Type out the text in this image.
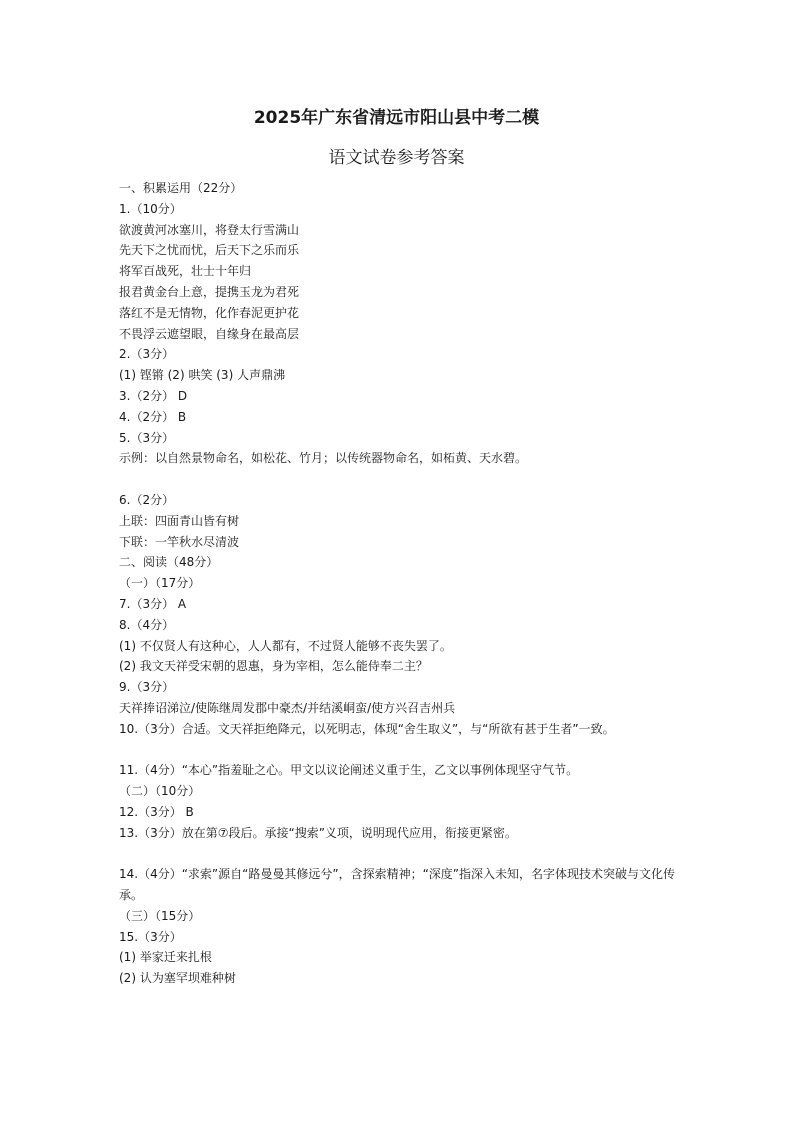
2025年广东省清远市阳山县中考二模
语文试卷参考答案
一、积累运用（22分）
1.（10分）
欲渡黄河冰塞川，将登太行雪满山
先天下之忧而忧，后天下之乐而乐
将军百战死，壮士十年归
报君黄金台上意，提携玉龙为君死
落红不是无情物，化作春泥更护花
不畏浮云遮望眼，自缘身在最高层
2.（3分）
(1) 铿锵 (2) 哄笑 (3) 人声鼎沸
3.（2分） D
4.（2分） B
5.（3分）
示例：以自然景物命名，如松花、竹月；以传统器物命名，如柘黄、天水碧。
6.（2分）
上联：四面青山皆有树
下联：一竿秋水尽清波
二、阅读（48分）
（一）（17分）
7.（3分） A
8.（4分）
(1) 不仅贤人有这种心，人人都有，不过贤人能够不丧失罢了。
(2) 我文天祥受宋朝的恩惠，身为宰相，怎么能侍奉二主？
9.（3分）
天祥捧诏涕泣/使陈继周发郡中豪杰/并结溪峒蛮/使方兴召吉州兵
10.（3分）合适。文天祥拒绝降元，以死明志，体现“舍生取义”，与“所欲有甚于生者”一致。
11.（4分）“本心”指羞耻之心。甲文以议论阐述义重于生，乙文以事例体现坚守气节。
（二）（10分）
12.（3分） B
13.（3分）放在第⑦段后。承接“搜索”义项，说明现代应用，衔接更紧密。
14.（4分）“求索”源自“路曼曼其修远兮”，含探索精神；“深度”指深入未知，名字体现技术突破与文化传承。
（三）（15分）
15.（3分）
(1) 举家迁来扎根
(2) 认为塞罕坝难种树
